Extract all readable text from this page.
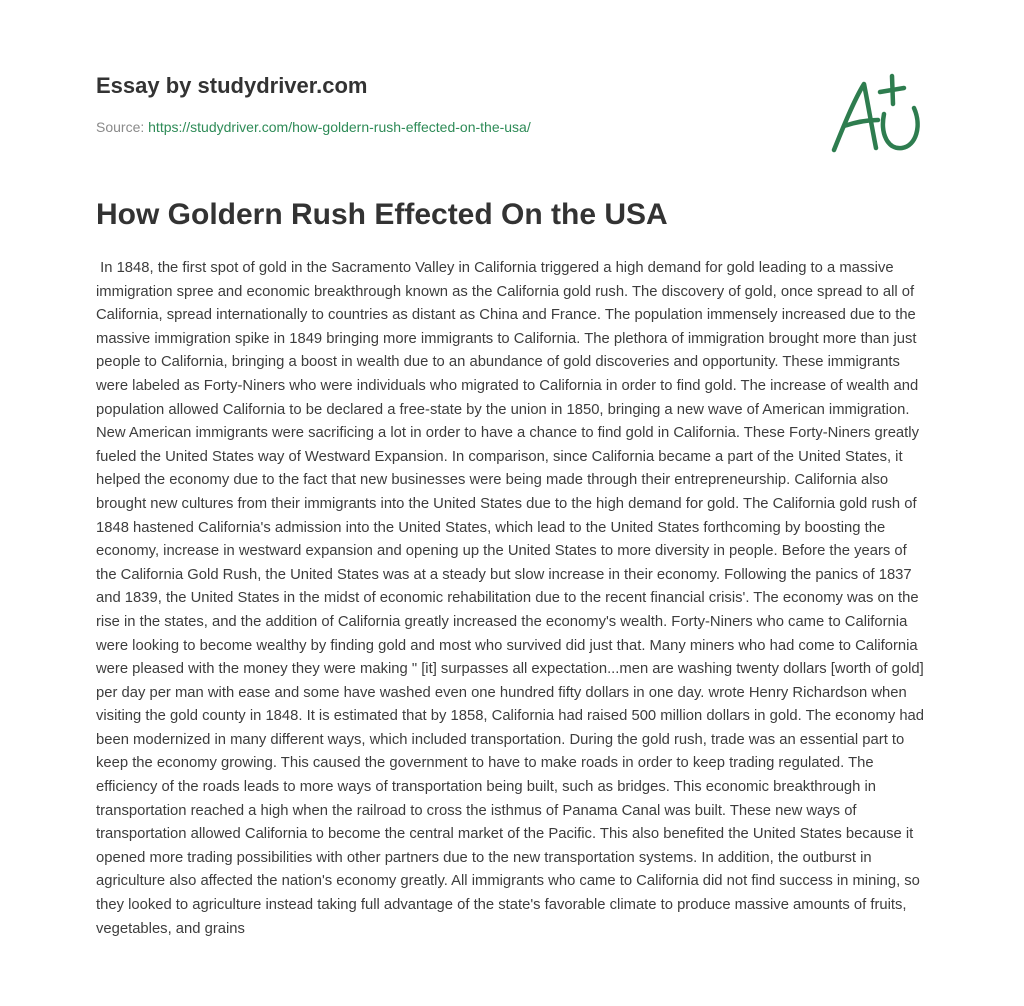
Essay by studydriver.com
Source: https://studydriver.com/how-goldern-rush-effected-on-the-usa/
How Goldern Rush Effected On the USA

In 1848, the first spot of gold in the Sacramento Valley in California triggered a high demand for gold leading to a massive immigration spree and economic breakthrough known as the California gold rush. The discovery of gold, once spread to all of California, spread internationally to countries as distant as China and France. The population immensely increased due to the massive immigration spike in 1849 bringing more immigrants to California. The plethora of immigration brought more than just people to California, bringing a boost in wealth due to an abundance of gold discoveries and opportunity. These immigrants were labeled as Forty-Niners who were individuals who migrated to California in order to find gold. The increase of wealth and population allowed California to be declared a free-state by the union in 1850, bringing a new wave of American immigration. New American immigrants were sacrificing a lot in order to have a chance to find gold in California. These Forty-Niners greatly fueled the United States way of Westward Expansion. In comparison, since California became a part of the United States, it helped the economy due to the fact that new businesses were being made through their entrepreneurship. California also brought new cultures from their immigrants into the United States due to the high demand for gold. The California gold rush of 1848 hastened California's admission into the United States, which lead to the United States forthcoming by boosting the economy, increase in westward expansion and opening up the United States to more diversity in people. Before the years of the California Gold Rush, the United States was at a steady but slow increase in their economy. Following the panics of 1837 and 1839, the United States in the midst of economic rehabilitation due to the recent financial crisis'. The economy was on the rise in the states, and the addition of California greatly increased the economy's wealth. Forty-Niners who came to California were looking to become wealthy by finding gold and most who survived did just that. Many miners who had come to California were pleased with the money they were making " [it] surpasses all expectation...men are washing twenty dollars [worth of gold] per day per man with ease and some have washed even one hundred fifty dollars in one day. wrote Henry Richardson when visiting the gold county in 1848. It is estimated that by 1858, California had raised 500 million dollars in gold. The economy had been modernized in many different ways, which included transportation. During the gold rush, trade was an essential part to keep the economy growing. This caused the government to have to make roads in order to keep trading regulated. The efficiency of the roads leads to more ways of transportation being built, such as bridges. This economic breakthrough in transportation reached a high when the railroad to cross the isthmus of Panama Canal was built. These new ways of transportation allowed California to become the central market of the Pacific. This also benefited the United States because it opened more trading possibilities with other partners due to the new transportation systems. In addition, the outburst in agriculture also affected the nation's economy greatly. All immigrants who came to California did not find success in mining, so they looked to agriculture instead taking full advantage of the state's favorable climate to produce massive amounts of fruits, vegetables, and grains
